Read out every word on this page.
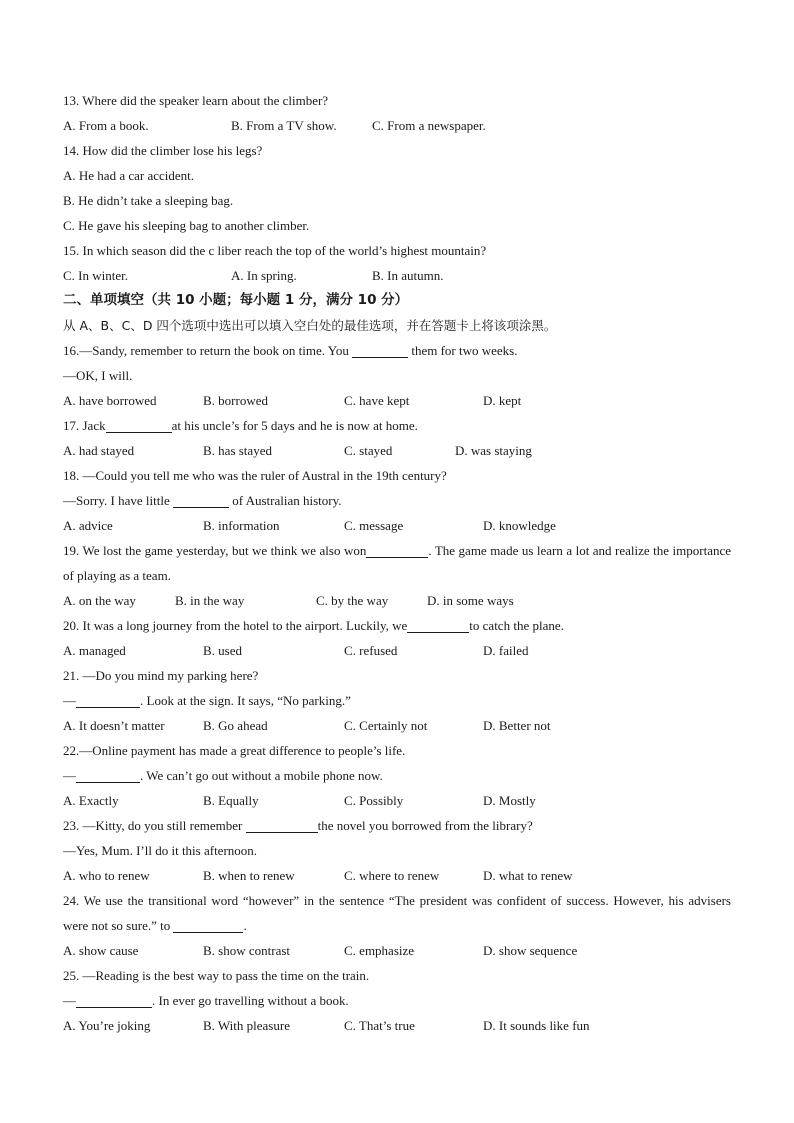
13. Where did the speaker learn about the climber?
A. From a book.	B. From a TV show.	C. From a newspaper.
14. How did the climber lose his legs?
A. He had a car accident.
B. He didn’t take a sleeping bag.
C. He gave his sleeping bag to another climber.
15. In which season did the c liber reach the top of the world’s highest mountain?
C. In winter.	A. In spring.	B. In autumn.
二、单项填空（共 10 小题；每小题 1 分，满分 10 分）
从 A、B、C、D 四个选项中选出可以填入空白处的最佳选项，并在答题卡上将该项涂黑。
16.—Sandy, remember to return the book on time. You	them for two weeks.
—OK, I will.
A. have borrowed	B. borrowed	C. have kept	D. kept
17. Jack	at his uncle’s for 5 days and he is now at home.
A. had stayed	B. has stayed	C. stayed	D. was staying
18. —Could you tell me who was the ruler of Austral in the 19th century?
—Sorry. I have little	of Australian history.
A. advice	B. information	C. message	D. knowledge
19. We lost the game yesterday, but we think we also won	. The game made us learn a lot and realize the importance of playing as a team.
A. on the way	B. in the way	C. by the way	D. in some ways
20. It was a long journey from the hotel to the airport. Luckily, we	to catch the plane.
A. managed	B. used	C. refused	D. failed
21. —Do you mind my parking here?
—	. Look at the sign. It says, “No parking.”
A. It doesn’t matter	B. Go ahead	C. Certainly not	D. Better not
22.—Online payment has made a great difference to people’s life.
—	. We can’t go out without a mobile phone now.
A. Exactly	B. Equally	C. Possibly	D. Mostly
23. —Kitty, do you still remember	the novel you borrowed from the library?
—Yes, Mum. I’ll do it this afternoon.
A. who to renew	B. when to renew	C. where to renew	D. what to renew
24. We use the transitional word “however” in the sentence “The president was confident of success. However, his advisers were not so sure.” to	.
A. show cause	B. show contrast	C. emphasize	D. show sequence
25. —Reading is the best way to pass the time on the train.
—	. In ever go travelling without a book.
A. You’re joking	B. With pleasure	C. That’s true	D. It sounds like fun
